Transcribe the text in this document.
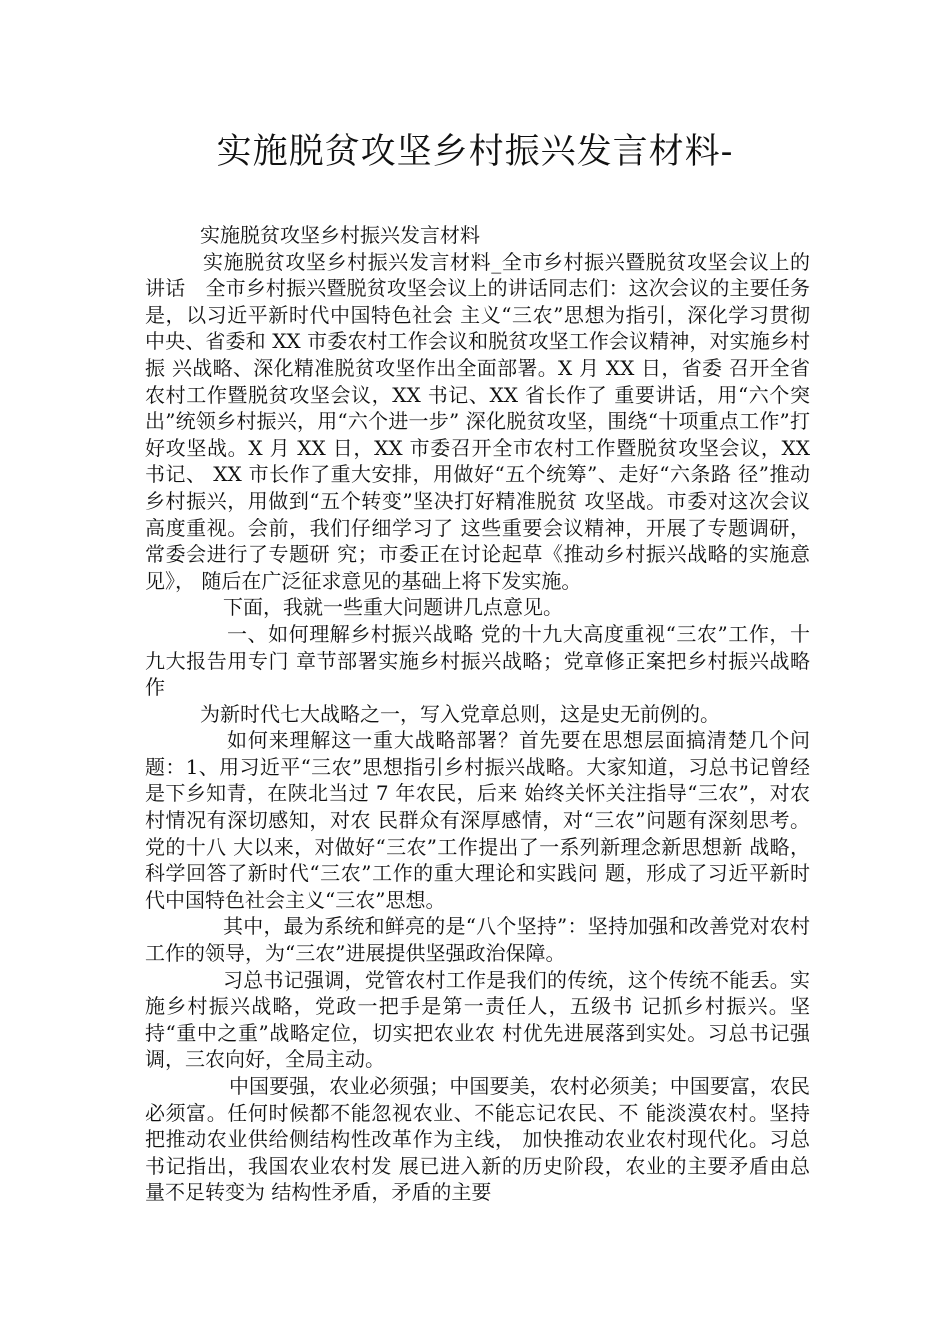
实施脱贫攻坚乡村振兴发言材料-

实施脱贫攻坚乡村振兴发言材料

实施脱贫攻坚乡村振兴发言材料_全市乡村振兴暨脱贫攻坚会议上的讲话　全市乡村振兴暨脱贫攻坚会议上的讲话同志们：这次会议的主要任务是，以习近平新时代中国特色社会 主义“三农”思想为指引，深化学习贯彻中央、省委和 XX 市委农村工作会议和脱贫攻坚工作会议精神，对实施乡村振 兴战略、深化精准脱贫攻坚作出全面部署。X 月 XX 日，省委 召开全省农村工作暨脱贫攻坚会议，XX 书记、XX 省长作了 重要讲话，用“六个突出”统领乡村振兴，用“六个进一步” 深化脱贫攻坚，围绕“十项重点工作”打好攻坚战。X 月 XX 日，XX 市委召开全市农村工作暨脱贫攻坚会议，XX 书记、 XX 市长作了重大安排，用做好“五个统筹”、走好“六条路 径”推动乡村振兴，用做到“五个转变”坚决打好精准脱贫 攻坚战。市委对这次会议高度重视。会前，我们仔细学习了 这些重要会议精神，开展了专题调研，常委会进行了专题研 究；市委正在讨论起草《推动乡村振兴战略的实施意见》， 随后在广泛征求意见的基础上将下发实施。

下面，我就一些重大问题讲几点意见。

一、如何理解乡村振兴战略 党的十九大高度重视“三农”工作，十九大报告用专门 章节部署实施乡村振兴战略；党章修正案把乡村振兴战略作

为新时代七大战略之一，写入党章总则，这是史无前例的。

如何来理解这一重大战略部署？首先要在思想层面搞清楚几个问题：1、用习近平“三农”思想指引乡村振兴战略。大家知道，习总书记曾经是下乡知青，在陕北当过 7 年农民，后来 始终关怀关注指导“三农”，对农村情况有深切感知，对农 民群众有深厚感情，对“三农”问题有深刻思考。党的十八 大以来，对做好“三农”工作提出了一系列新理念新思想新 战略，科学回答了新时代“三农”工作的重大理论和实践问 题，形成了习近平新时代中国特色社会主义“三农”思想。

其中，最为系统和鲜亮的是“八个坚持”：坚持加强和改善党对农村工作的领导，为“三农”进展提供坚强政治保障。

习总书记强调，党管农村工作是我们的传统，这个传统不能丢。实施乡村振兴战略，党政一把手是第一责任人，五级书 记抓乡村振兴。坚持“重中之重”战略定位，切实把农业农 村优先进展落到实处。习总书记强调，三农向好，全局主动。

中国要强，农业必须强；中国要美，农村必须美；中国要富，农民必须富。任何时候都不能忽视农业、不能忘记农民、不 能淡漠农村。坚持把推动农业供给侧结构性改革作为主线， 加快推动农业农村现代化。习总书记指出，我国农业农村发 展已进入新的历史阶段，农业的主要矛盾由总量不足转变为 结构性矛盾，矛盾的主要
